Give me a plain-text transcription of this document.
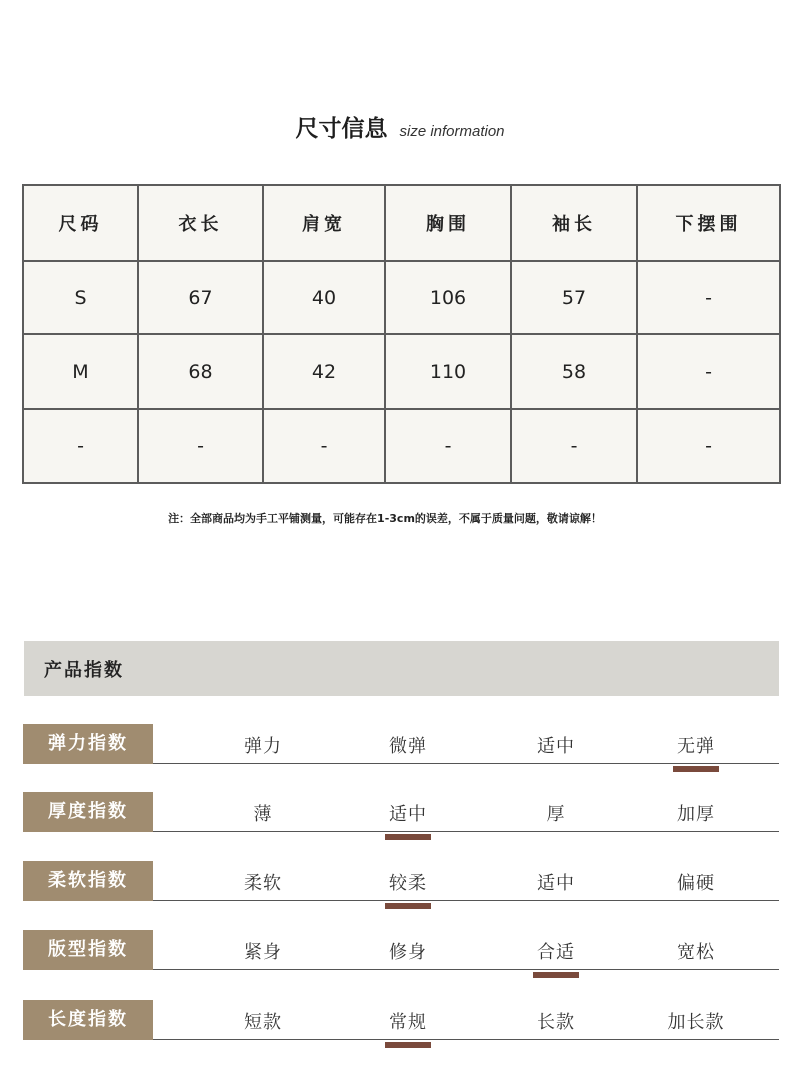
尺寸信息 size information
尺码	衣长	肩宽	胸围	袖长	下摆围
S	67	40	106	57	-
M	68	42	110	58	-
-	-	-	-	-	-
注：全部商品均为手工平铺测量，可能存在1-3cm的误差，不属于质量问题，敬请谅解！
产品指数
弹力指数	弹力	微弹	适中	无弹
厚度指数	薄	适中	厚	加厚
柔软指数	柔软	较柔	适中	偏硬
版型指数	紧身	修身	合适	宽松
长度指数	短款	常规	长款	加长款
